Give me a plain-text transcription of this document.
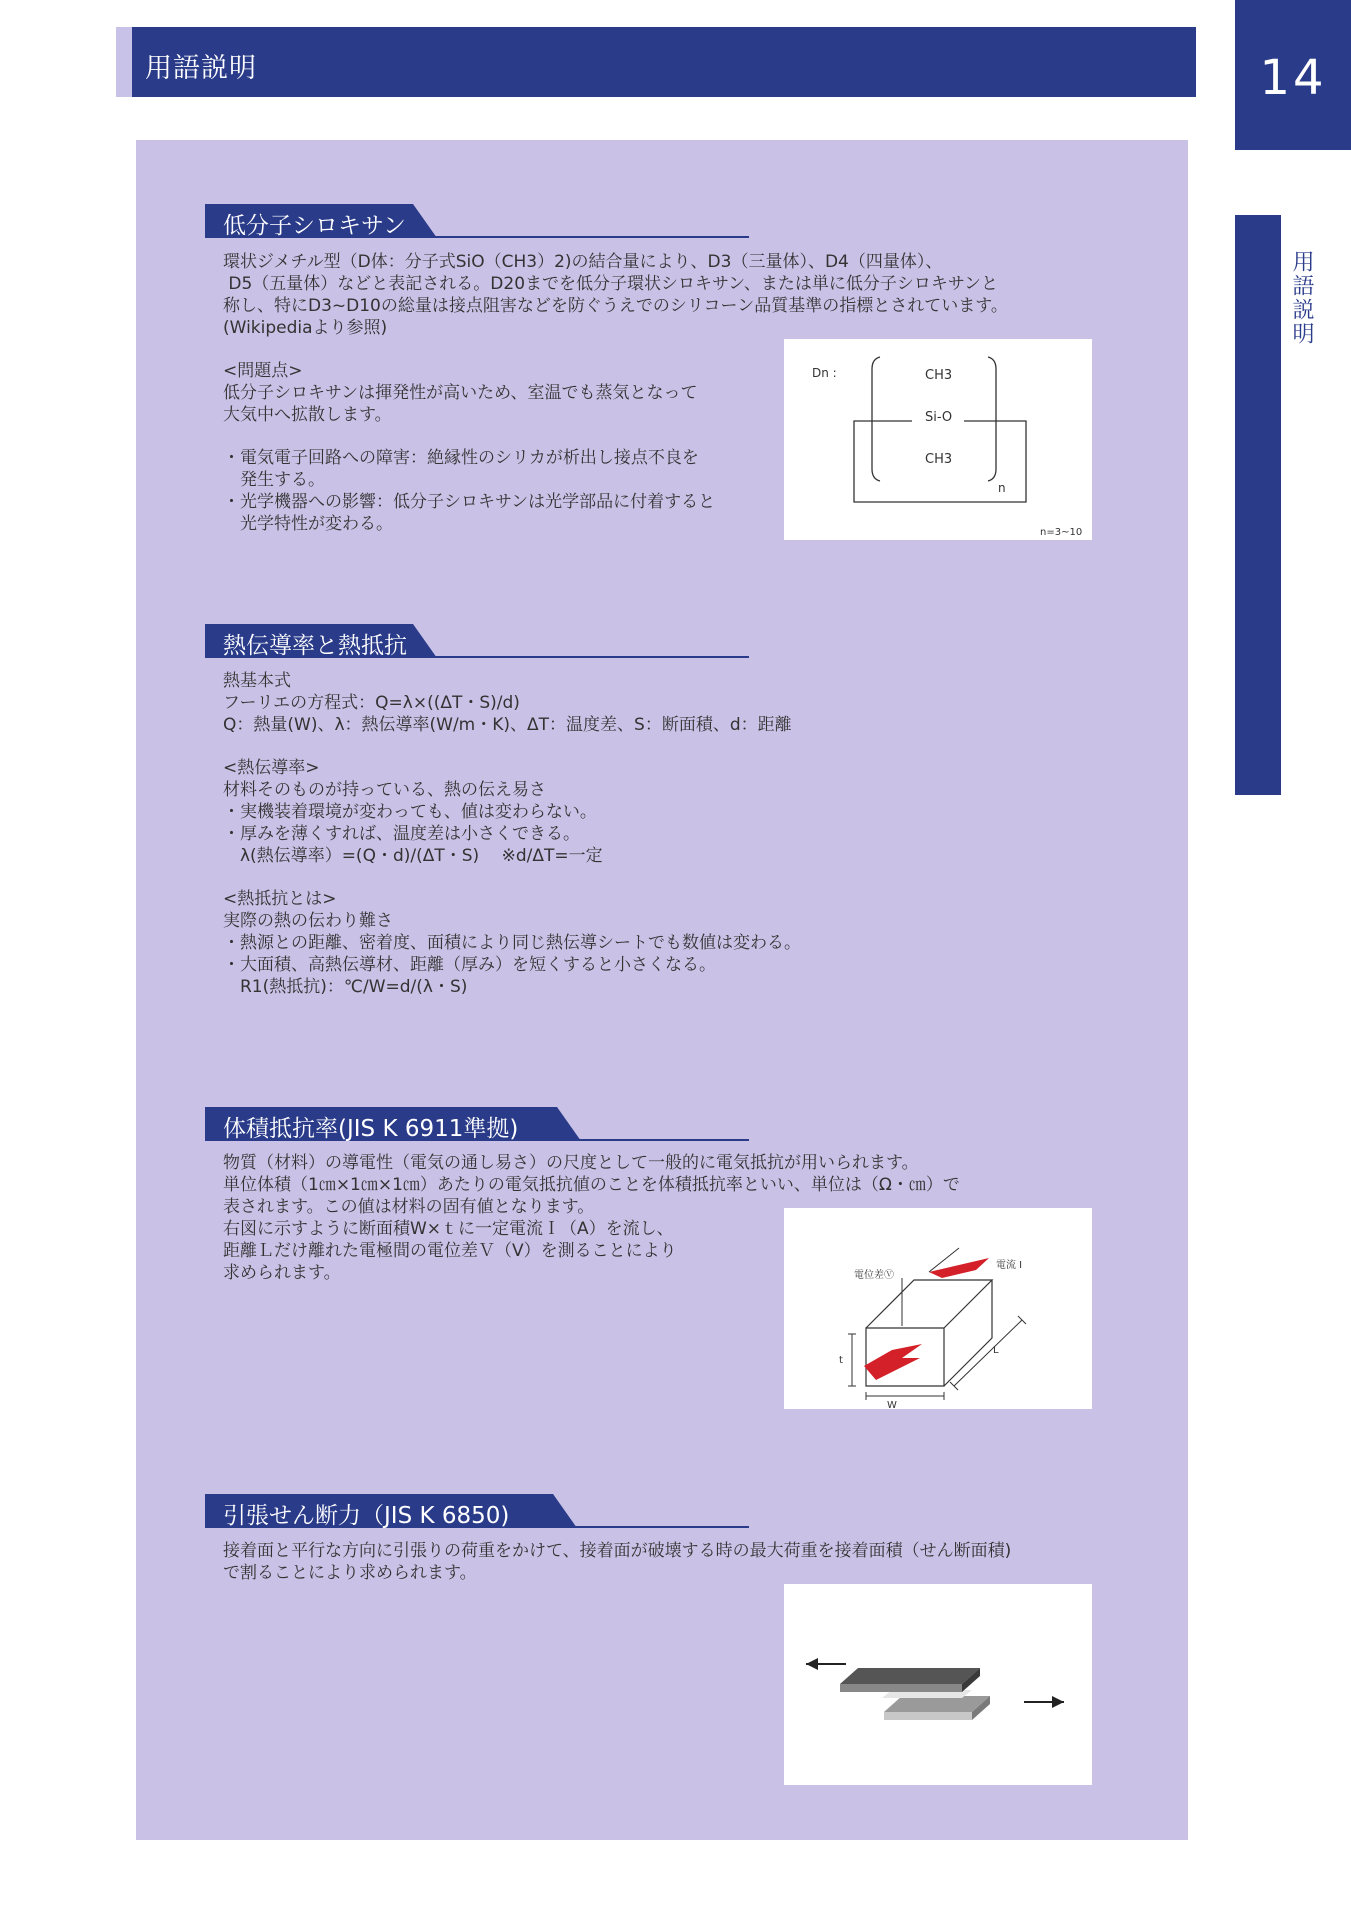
用語説明	14
用語説明
低分子シロキサン
環状ジメチル型（D体：分子式SiO（CH3）2)の結合量により、D3（三量体）、D4（四量体）、
D5（五量体）などと表記される。D20までを低分子環状シロキサン、または単に低分子シロキサンと
称し、特にD3~D10の総量は接点阻害などを防ぐうえでのシリコーン品質基準の指標とされています。
(Wikipediaより参照)
<問題点>
低分子シロキサンは揮発性が高いため、室温でも蒸気となって
大気中へ拡散します。
・電気電子回路への障害：絶縁性のシリカが析出し接点不良を
　発生する。
・光学機器への影響：低分子シロキサンは光学部品に付着すると
　光学特性が変わる。
Dn :	CH3
Si-O
CH3
n
n=3~10
熱伝導率と熱抵抗
熱基本式
フーリエの方程式：Q=λ×((ΔT・S)/d)
Q：熱量(W)、λ：熱伝導率(W/m・K)、ΔT：温度差、S：断面積、d：距離
<熱伝導率>
材料そのものが持っている、熱の伝え易さ
・実機装着環境が変わっても、値は変わらない。
・厚みを薄くすれば、温度差は小さくできる。
　λ(熱伝導率）=(Q・d)/(ΔT・S)　 ※d/ΔT=一定
<熱抵抗とは>
実際の熱の伝わり難さ
・熱源との距離、密着度、面積により同じ熱伝導シートでも数値は変わる。
・大面積、高熱伝導材、距離（厚み）を短くすると小さくなる。
　R1(熱抵抗)：℃/W=d/(λ・S)
体積抵抗率(JIS K 6911準拠)
物質（材料）の導電性（電気の通し易さ）の尺度として一般的に電気抵抗が用いられます。
単位体積（1㎝×1㎝×1㎝）あたりの電気抵抗値のことを体積抵抗率といい、単位は（Ω・㎝）で
表されます。この値は材料の固有値となります。
右図に示すように断面積W×ｔに一定電流Ｉ（A）を流し、
距離Ｌだけ離れた電極間の電位差Ｖ（V）を測ることにより
求められます。	電位差Ⓥ
電流 I
t
W
L
引張せん断力（JIS K 6850)
接着面と平行な方向に引張りの荷重をかけて、接着面が破壊する時の最大荷重を接着面積（せん断面積)
で割ることにより求められます。
